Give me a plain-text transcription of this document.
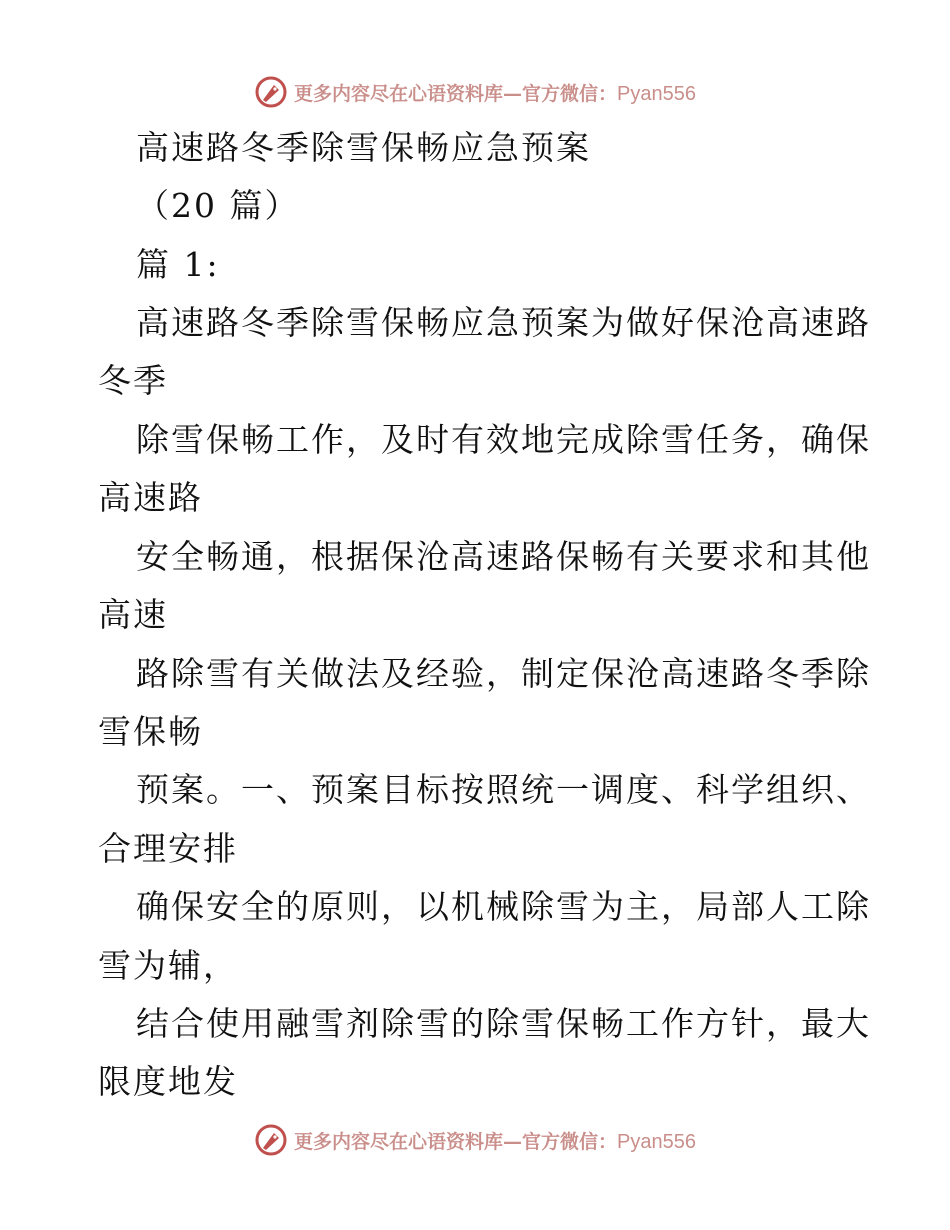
更多内容尽在心语资料库—官方微信：Pyan556
高速路冬季除雪保畅应急预案
（20 篇）
篇 1:
高速路冬季除雪保畅应急预案为做好保沧高速路
冬季
除雪保畅工作，及时有效地完成除雪任务，确保
高速路
安全畅通，根据保沧高速路保畅有关要求和其他
高速
路除雪有关做法及经验，制定保沧高速路冬季除
雪保畅
预案。一、预案目标按照统一调度、科学组织、
合理安排
确保安全的原则，以机械除雪为主，局部人工除
雪为辅，
结合使用融雪剂除雪的除雪保畅工作方针，最大
限度地发
更多内容尽在心语资料库—官方微信：Pyan556
